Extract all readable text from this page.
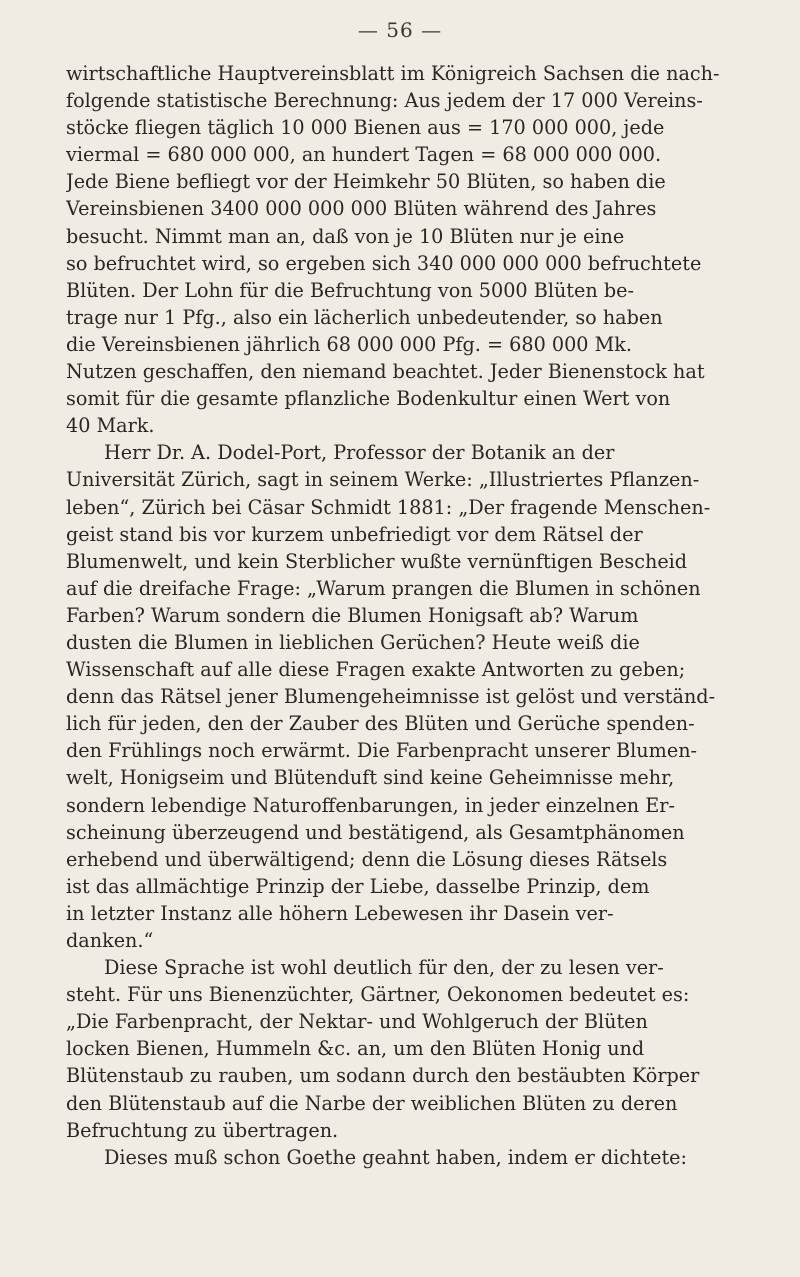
— 56 —

wirtschaftliche Hauptvereinsblatt im Königreich Sachsen die nach-
folgende statistische Berechnung: Aus jedem der 17 000 Vereins-
stöcke fliegen täglich 10 000 Bienen aus = 170 000 000, jede
viermal = 680 000 000, an hundert Tagen = 68 000 000 000.
Jede Biene befliegt vor der Heimkehr 50 Blüten, so haben die
Vereinsbienen 3400 000 000 000 Blüten während des Jahres
besucht. Nimmt man an, daß von je 10 Blüten nur je eine
so befruchtet wird, so ergeben sich 340 000 000 000 befruchtete
Blüten. Der Lohn für die Befruchtung von 5000 Blüten be-
trage nur 1 Pfg., also ein lächerlich unbedeutender, so haben
die Vereinsbienen jährlich 68 000 000 Pfg. = 680 000 Mk.
Nutzen geschaffen, den niemand beachtet. Jeder Bienenstock hat
somit für die gesamte pflanzliche Bodenkultur einen Wert von
40 Mark.

Herr Dr. A. Dodel-Port, Professor der Botanik an der
Universität Zürich, sagt in seinem Werke: „Illustriertes Pflanzen-
leben“, Zürich bei Cäsar Schmidt 1881: „Der fragende Menschen-
geist stand bis vor kurzem unbefriedigt vor dem Rätsel der
Blumenwelt, und kein Sterblicher wußte vernünftigen Bescheid
auf die dreifache Frage: „Warum prangen die Blumen in schönen
Farben? Warum sondern die Blumen Honigsaft ab? Warum
dusten die Blumen in lieblichen Gerüchen? Heute weiß die
Wissenschaft auf alle diese Fragen exakte Antworten zu geben;
denn das Rätsel jener Blumengeheimnisse ist gelöst und verständ-
lich für jeden, den der Zauber des Blüten und Gerüche spenden-
den Frühlings noch erwärmt. Die Farbenpracht unserer Blumen-
welt, Honigseim und Blütenduft sind keine Geheimnisse mehr,
sondern lebendige Naturoffenbarungen, in jeder einzelnen Er-
scheinung überzeugend und bestätigend, als Gesamtphänomen
erhebend und überwältigend; denn die Lösung dieses Rätsels
ist das allmächtige Prinzip der Liebe, dasselbe Prinzip, dem
in letzter Instanz alle höhern Lebewesen ihr Dasein ver-
danken.“

Diese Sprache ist wohl deutlich für den, der zu lesen ver-
steht. Für uns Bienenzüchter, Gärtner, Oekonomen bedeutet es:
„Die Farbenpracht, der Nektar- und Wohlgeruch der Blüten
locken Bienen, Hummeln &c. an, um den Blüten Honig und
Blütenstaub zu rauben, um sodann durch den bestäubten Körper
den Blütenstaub auf die Narbe der weiblichen Blüten zu deren
Befruchtung zu übertragen.

Dieses muß schon Goethe geahnt haben, indem er dichtete:
